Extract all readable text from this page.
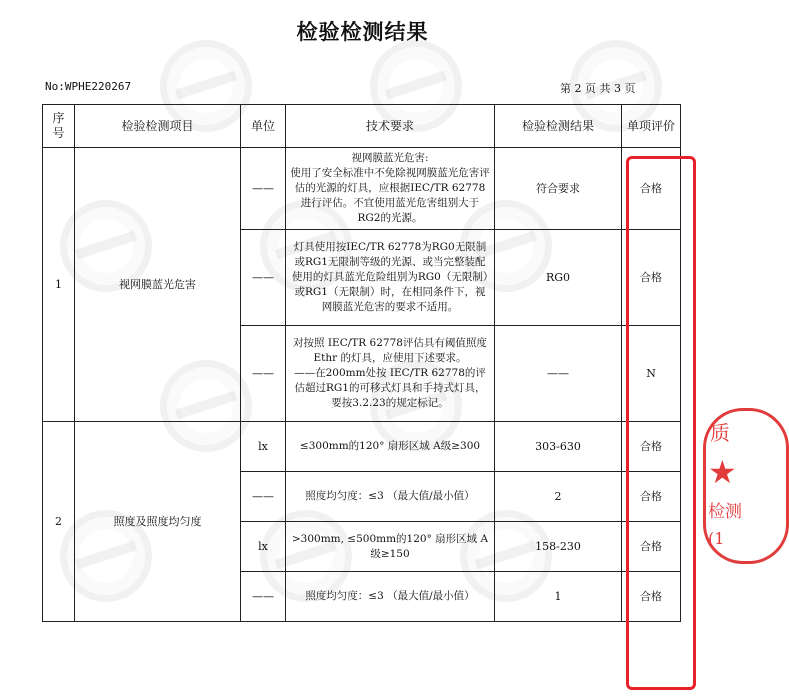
检验检测结果
No:WPHE220267	第 2 页 共 3 页
序号	检验检测项目	单位	技术要求	检验检测结果	单项评价
1	视网膜蓝光危害	——	视网膜蓝光危害:
使用了安全标准中不免除视网膜蓝光危害评估的光源的灯具，应根据IEC/TR 62778进行评估。不宜使用蓝光危害组别大于RG2的光源。	符合要求	合格
		——	灯具使用按IEC/TR 62778为RG0无限制或RG1无限制等级的光源、或当完整装配使用的灯具蓝光危险组别为RG0（无限制）或RG1（无限制）时，在相同条件下，视网膜蓝光危害的要求不适用。	RG0	合格
		——	对按照 IEC/TR 62778评估具有阈值照度Ethr 的灯具，应使用下述要求。
——在200mm处按 IEC/TR 62778的评估超过RG1的可移式灯具和手持式灯具，要按3.2.23的规定标记。	——	N
2	照度及照度均匀度	lx	≤300mm的120° 扇形区域 A级≥300	303-630	合格
		——	照度均匀度：≤3 （最大值/最小值）	2	合格
		lx	>300mm, ≤500mm的120° 扇形区域 A级≥150	158-230	合格
		——	照度均匀度：≤3 （最大值/最小值）	1	合格
质
★
检测
(1
